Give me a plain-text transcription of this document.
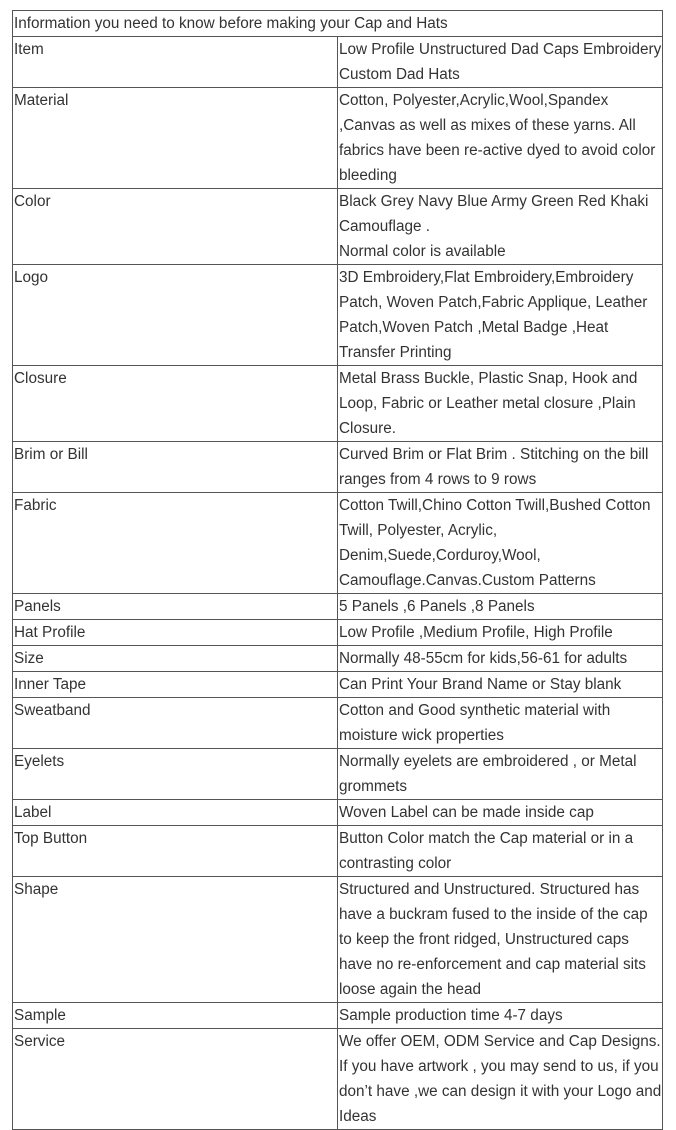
Information you need to know before making your Cap and Hats	
Item	Low Profile Unstructured Dad Caps Embroidery Custom Dad Hats
Material	Cotton, Polyester,Acrylic,Wool,Spandex ,Canvas as well as mixes of these yarns. All fabrics have been re-active dyed to avoid color bleeding
Color	Black Grey Navy Blue Army Green Red Khaki Camouflage .
Normal color is available
Logo	3D Embroidery,Flat Embroidery,Embroidery Patch, Woven Patch,Fabric Applique, Leather Patch,Woven Patch ,Metal Badge ,Heat Transfer Printing
Closure	Metal Brass Buckle, Plastic Snap, Hook and Loop, Fabric or Leather metal closure ,Plain Closure.
Brim or Bill	Curved Brim or Flat Brim . Stitching on the bill ranges from 4 rows to 9 rows
Fabric	Cotton Twill,Chino Cotton Twill,Bushed Cotton Twill, Polyester, Acrylic, Denim,Suede,Corduroy,Wool, Camouflage.Canvas.Custom Patterns
Panels	5 Panels ,6 Panels ,8 Panels
Hat Profile	Low Profile ,Medium Profile, High Profile
Size	Normally 48-55cm for kids,56-61 for adults
Inner Tape	Can Print Your Brand Name or Stay blank
Sweatband	Cotton and Good synthetic material with moisture wick properties
Eyelets	Normally eyelets are embroidered , or Metal grommets
Label	Woven Label can be made inside cap
Top Button	Button Color match the Cap material or in a contrasting color
Shape	Structured and Unstructured. Structured has have a buckram fused to the inside of the cap to keep the front ridged, Unstructured caps have no re-enforcement and cap material sits loose again the head
Sample	Sample production time 4-7 days
Service	We offer OEM, ODM Service and Cap Designs. If you have artwork , you may send to us, if you don’t have ,we can design it with your Logo and Ideas
